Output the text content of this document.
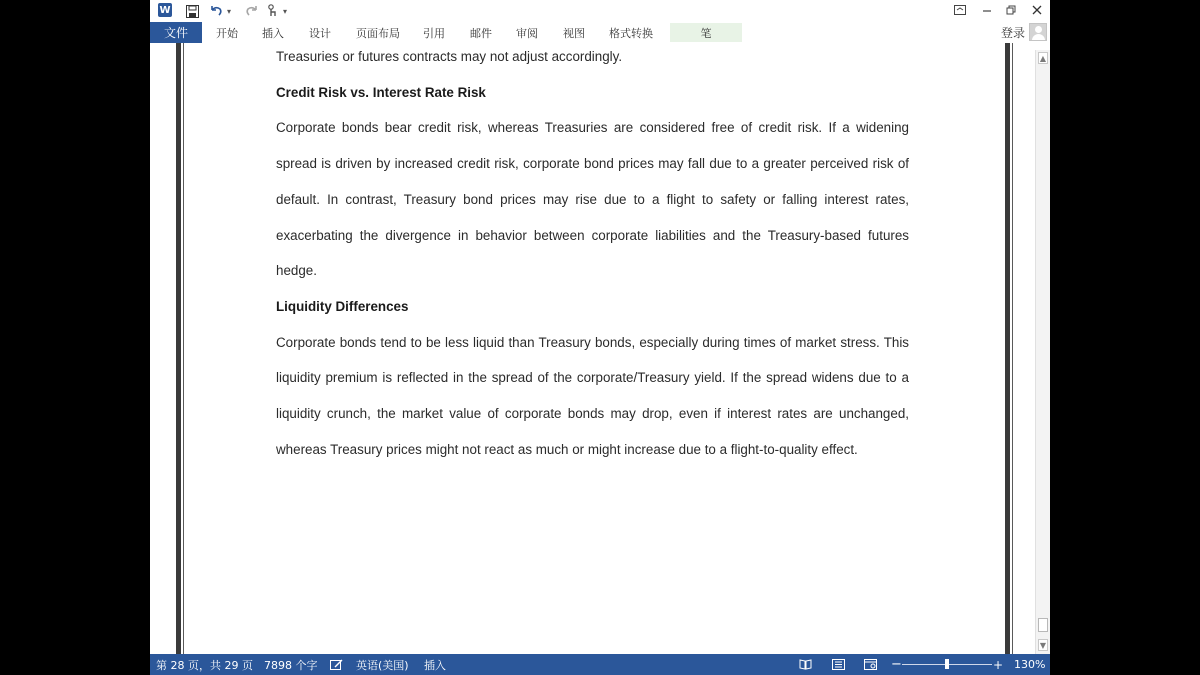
W	▾	▾
文件	开始 插入 设计 页面布局 引用 邮件 审阅 视图 格式转换	笔	登录

Treasuries or futures contracts may not adjust accordingly.

Credit Risk vs. Interest Rate Risk

Corporate bonds bear credit risk, whereas Treasuries are considered free of credit risk. If a widening spread is driven by increased credit risk, corporate bond prices may fall due to a greater perceived risk of default. In contrast, Treasury bond prices may rise due to a flight to safety or falling interest rates, exacerbating the divergence in behavior between corporate liabilities and the Treasury-based futures hedge.

Liquidity Differences

Corporate bonds tend to be less liquid than Treasury bonds, especially during times of market stress. This liquidity premium is reflected in the spread of the corporate/Treasury yield. If the spread widens due to a liquidity crunch, the market value of corporate bonds may drop, even if interest rates are unchanged, whereas Treasury prices might not react as much or might increase due to a flight-to-quality effect.

▲
▼
第 28 页，共 29 页 7898 个字	英语(美国) 插入	−	+ 130%
